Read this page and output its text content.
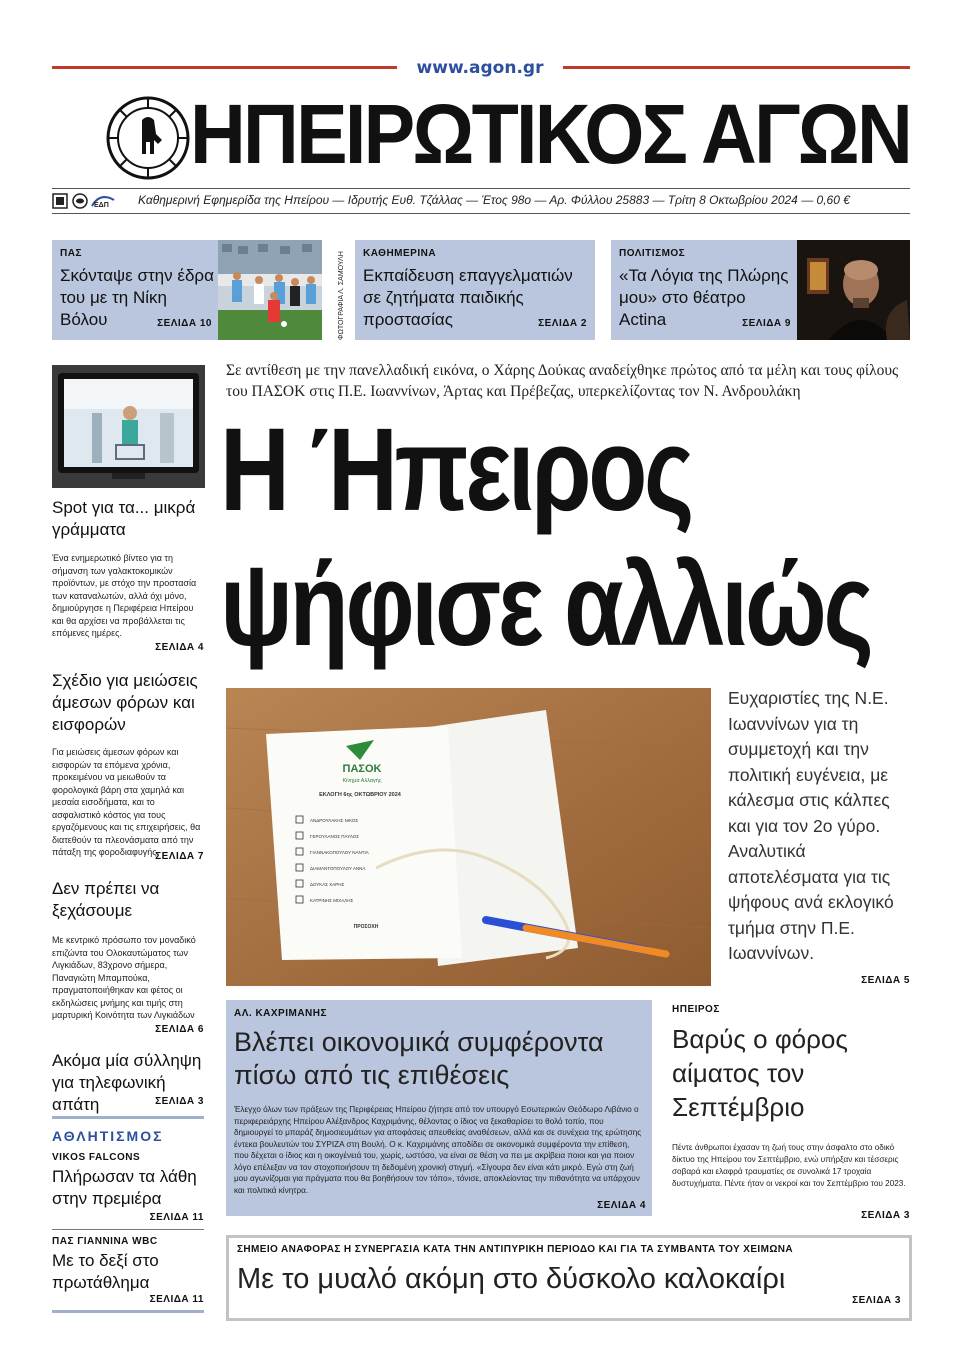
www.agon.gr
ΗΠΕΙΡΩΤΙΚΟΣ ΑΓΩΝ
ΕΔΠ Καθημερινή Εφημερίδα της Ηπείρου — Ιδρυτής Ευθ. Τζάλλας — Έτος 98ο — Αρ. Φύλλου 25883 — Τρίτη 8 Οκτωβρίου 2024 — 0,60 €
ΠΑΣ
Σκόνταψε στην έδρα του με τη Νίκη Βόλου	ΣΕΛΙΔΑ 10	ΦΩΤΟΓΡΑΦΙΑ Λ. ΣΑΜΟΥΛΗ	ΚΑΘΗΜΕΡΙΝΑ
Εκπαίδευση επαγγελματιών σε ζητήματα παιδικής προστασίας	ΣΕΛΙΔΑ 2
ΠΟΛΙΤΙΣΜΟΣ
«Τα Λόγια της Πλώρης μου» στο θέατρο Actina	ΣΕΛΙΔΑ 9
Spot για τα... μικρά γράμματα
Ένα ενημερωτικό βίντεο για τη σήμανση των γαλακτοκομικών προϊόντων, με στόχο την προστασία των καταναλωτών, αλλά όχι μόνο, δημιούργησε η Περιφέρεια Ηπείρου και θα αρχίσει να προβάλλεται τις επόμενες ημέρες.
ΣΕΛΙΔΑ 4
Σχέδιο για μειώσεις άμεσων φόρων και εισφορών
Για μειώσεις άμεσων φόρων και εισφορών τα επόμενα χρόνια, προκειμένου να μειωθούν τα φορολογικά βάρη στα χαμηλά και μεσαία εισοδήματα, και το ασφαλιστικό κόστος για τους εργαζόμενους και τις επιχειρήσεις, θα διατεθούν τα πλεονάσματα από την πάταξη της φοροδιαφυγής.
ΣΕΛΙΔΑ 7
Δεν πρέπει να ξεχάσουμε
Με κεντρικό πρόσωπο τον μοναδικό επιζώντα του Ολοκαυτώματος των Λιγκιάδων, 83χρονο σήμερα, Παναγιώτη Μπαμπούκα, πραγματοποιήθηκαν και φέτος οι εκδηλώσεις μνήμης και τιμής στη μαρτυρική Κοινότητα των Λιγκιάδων
ΣΕΛΙΔΑ 6
Ακόμα μία σύλληψη για τηλεφωνική απάτη	ΣΕΛΙΔΑ 3
ΑΘΛΗΤΙΣΜΟΣ
VIKOS FALCONS
Πλήρωσαν τα λάθη στην πρεμιέρα
ΣΕΛΙΔΑ 11
ΠΑΣ ΓΙΑΝΝΙΝΑ WBC
Με το δεξί στο πρωτάθλημα
ΣΕΛΙΔΑ 11
Σε αντίθεση με την πανελλαδική εικόνα, ο Χάρης Δούκας αναδείχθηκε πρώτος από τα μέλη και τους φίλους του ΠΑΣΟΚ στις Π.Ε. Ιωαννίνων, Άρτας και Πρέβεζας, υπερκελίζοντας τον Ν. Ανδρουλάκη
Η Ήπειρος
ψήφισε αλλιώς
ΠΑΣΟΚ
Κίνημα Αλλαγής
ΕΚΛΟΓΗ 6ης ΟΚΤΩΒΡΙΟΥ 2024
ΑΝΔΡΟΥΛΑΚΗΣ ΝΙΚΟΣ
ΓΕΡΟΥΛΑΝΟΣ ΠΑΥΛΟΣ
ΓΙΑΝΝΑΚΟΠΟΥΛΟΥ ΝΑΝΤΙΑ
ΔΙΑΜΑΝΤΟΠΟΥΛΟΥ ΑΝΝΑ
ΔΟΥΚΑΣ ΧΑΡΗΣ
ΚΑΤΡΙΝΗΣ ΜΙΧΑΛΗΣ
ΠΡΟΣΟΧΗ
Ευχαριστίες της Ν.Ε. Ιωαννίνων για τη συμμετοχή και την πολιτική ευγένεια, με κάλεσμα στις κάλπες και για τον 2ο γύρο. Αναλυτικά αποτελέσματα για τις ψήφους ανά εκλογικό τμήμα στην Π.Ε. Ιωαννίνων.
ΣΕΛΙΔΑ 5
ΑΛ. ΚΑΧΡΙΜΑΝΗΣ
Βλέπει οικονομικά συμφέροντα πίσω από τις επιθέσεις
Έλεγχο όλων των πράξεων της Περιφέρειας Ηπείρου ζήτησε από τον υπουργό Εσωτερικών Θεόδωρο Λιβάνιο ο περιφερειάρχης Ηπείρου Αλέξανδρος Καχριμάνης, θέλοντας ο ίδιος να ξεκαθαρίσει το θολό τοπίο, που δημιουργεί το μπαράζ δημοσιευμάτων για αποφάσεις απευθείας αναθέσεων, αλλά και σε συνέχεια της ερώτησης έντεκα βουλευτών του ΣΥΡΙΖΑ στη Βουλή. Ο κ. Καχριμάνης αποδίδει σε οικονομικά συμφέροντα την επίθεση, που δέχεται ο ίδιος και η οικογένειά του, χωρίς, ωστόσο, να είναι σε θέση να πει με ακρίβεια ποιοι και για ποιον λόγο επέλεξαν να τον στοχοποιήσουν τη δεδομένη χρονική στιγμή. «Σίγουρα δεν είναι κάτι μικρό. Εγώ στη ζωή μου αγωνίζομαι για πράγματα που θα βοηθήσουν τον τόπο», τόνισε, αποκλείοντας την πιθανότητα να υπάρχουν και πολιτικά κίνητρα.
ΣΕΛΙΔΑ 4
ΗΠΕΙΡΟΣ
Βαρύς ο φόρος αίματος τον Σεπτέμβριο
Πέντε άνθρωποι έχασαν τη ζωή τους στην άσφαλτο στο οδικό δίκτυο της Ηπείρου τον Σεπτέμβριο, ενώ υπήρξαν και τέσσερις σοβαρά και ελαφρά τραυματίες σε συνολικά 17 τροχαία δυστυχήματα. Πέντε ήταν οι νεκροί και τον Σεπτέμβριο του 2023.
ΣΕΛΙΔΑ 3
ΣΗΜΕΙΟ ΑΝΑΦΟΡΑΣ Η ΣΥΝΕΡΓΑΣΙΑ ΚΑΤΑ ΤΗΝ ΑΝΤΙΠΥΡΙΚΗ ΠΕΡΙΟΔΟ ΚΑΙ ΓΙΑ ΤΑ ΣΥΜΒΑΝΤΑ ΤΟΥ ΧΕΙΜΩΝΑ
Με το μυαλό ακόμη στο δύσκολο καλοκαίρι
ΣΕΛΙΔΑ 3
